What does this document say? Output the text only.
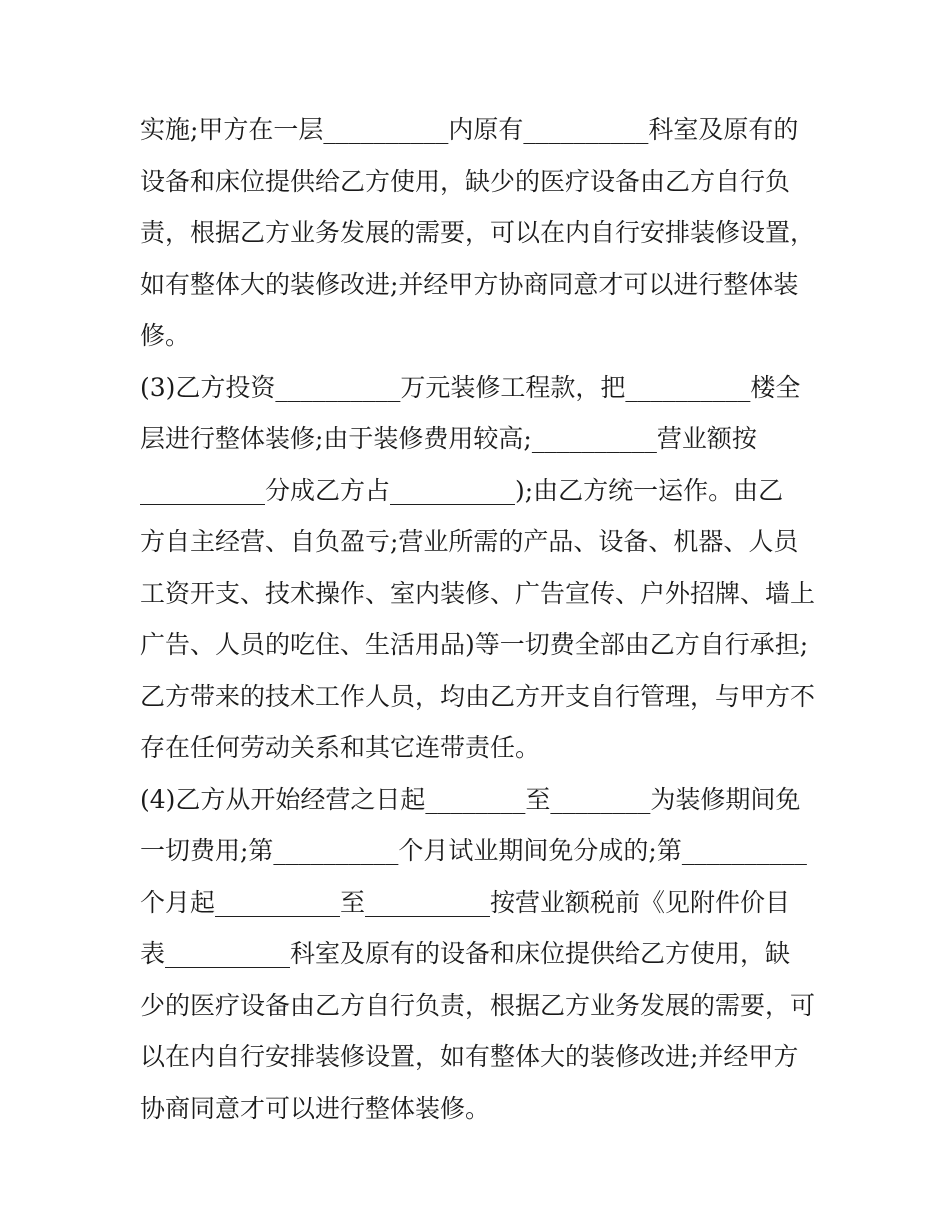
实施;甲方在一层__________内原有__________科室及原有的
设备和床位提供给乙方使用，缺少的医疗设备由乙方自行负
责，根据乙方业务发展的需要，可以在内自行安排装修设置，
如有整体大的装修改进;并经甲方协商同意才可以进行整体装
修。
(3)乙方投资__________万元装修工程款，把__________楼全
层进行整体装修;由于装修费用较高;__________营业额按
__________分成乙方占__________);由乙方统一运作。由乙
方自主经营、自负盈亏;营业所需的产品、设备、机器、人员
工资开支、技术操作、室内装修、广告宣传、户外招牌、墙上
广告、人员的吃住、生活用品)等一切费全部由乙方自行承担;
乙方带来的技术工作人员，均由乙方开支自行管理，与甲方不
存在任何劳动关系和其它连带责任。
(4)乙方从开始经营之日起________至________为装修期间免
一切费用;第__________个月试业期间免分成的;第__________
个月起__________至__________按营业额税前《见附件价目
表__________科室及原有的设备和床位提供给乙方使用，缺
少的医疗设备由乙方自行负责，根据乙方业务发展的需要，可
以在内自行安排装修设置，如有整体大的装修改进;并经甲方
协商同意才可以进行整体装修。
